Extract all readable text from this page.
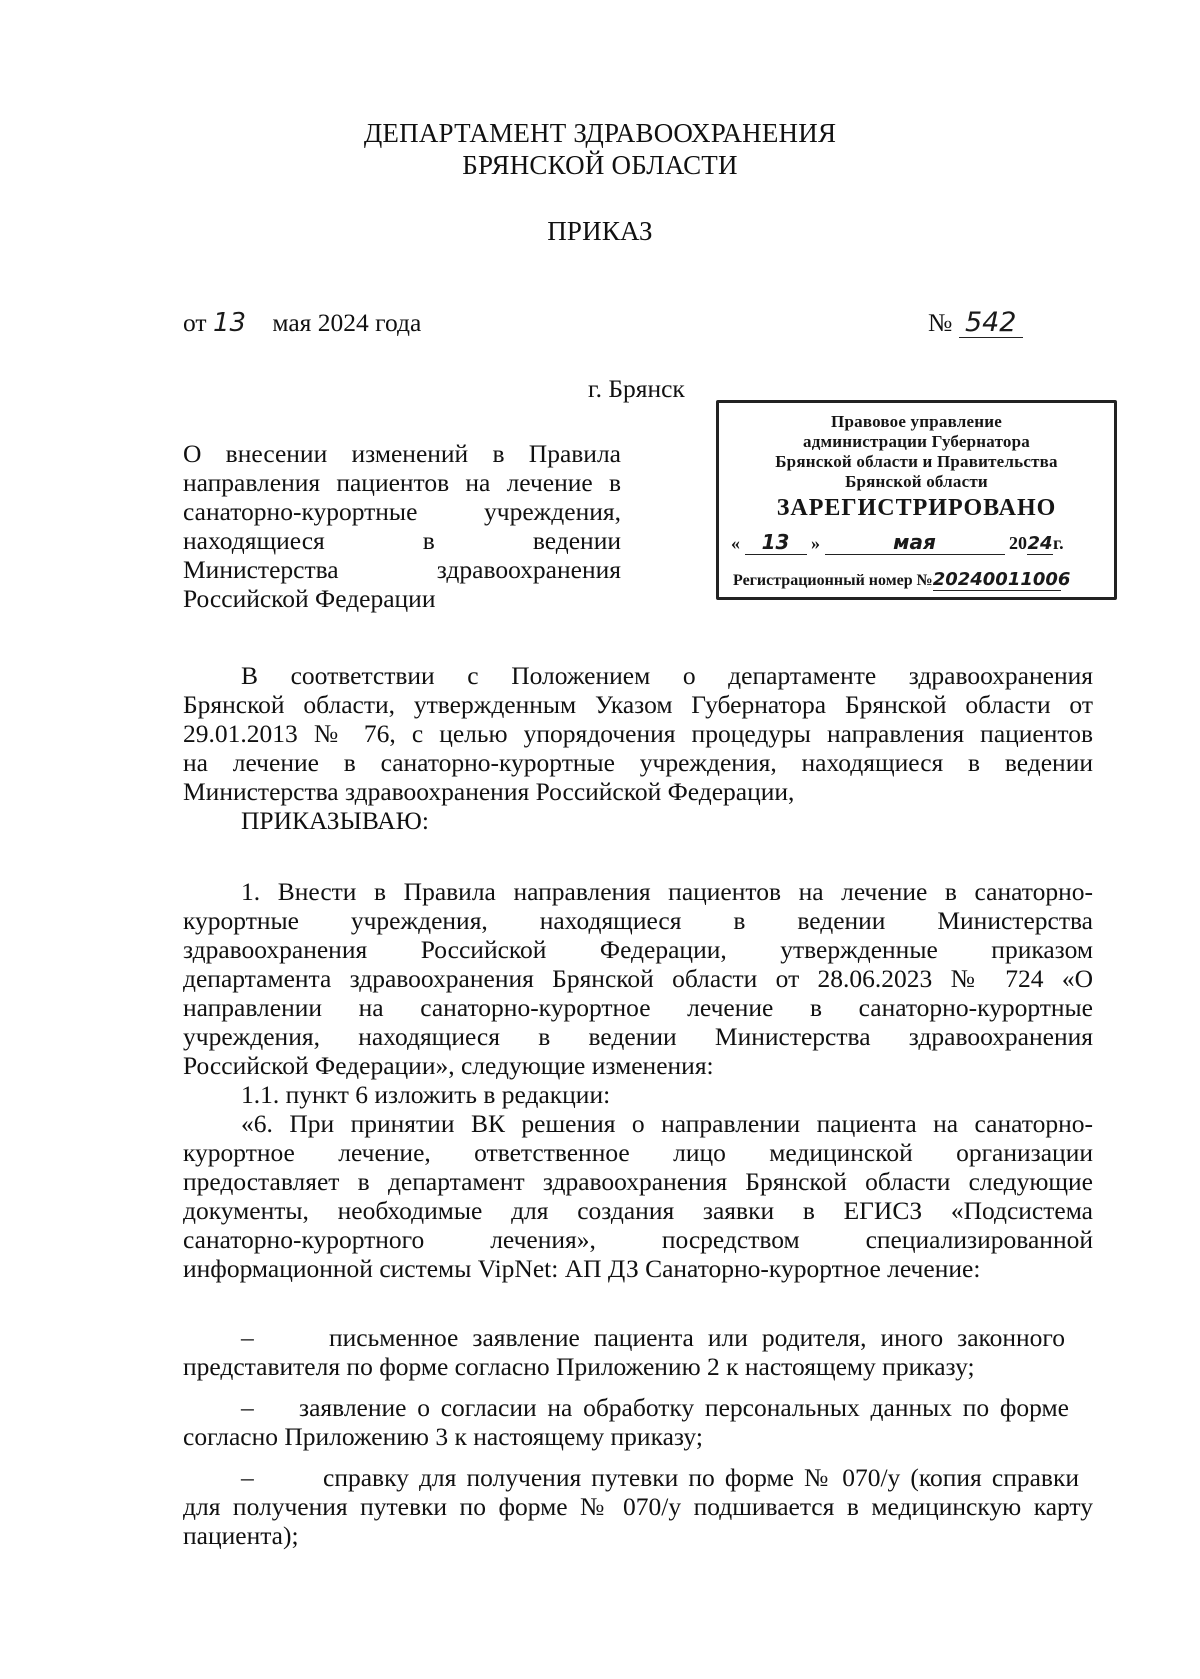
ДЕПАРТАМЕНТ ЗДРАВООХРАНЕНИЯ
БРЯНСКОЙ ОБЛАСТИ
ПРИКАЗ
от 13 мая 2024 года	№ 542
г. Брянск
О внесении изменений в Правила
направления пациентов на лечение в
санаторно-курортные учреждения,
находящиеся в ведении
Министерства здравоохранения
Российской Федерации
Правовое управление
администрации Губернатора
Брянской области и Правительства
Брянской области
ЗАРЕГИСТРИРОВАНО
« 13 »	мая	2024г.
Регистрационный номер №20240011006
В соответствии с Положением о департаменте здравоохранения
Брянской области, утвержденным Указом Губернатора Брянской области от
29.01.2013 № 76, с целью упорядочения процедуры направления пациентов
на лечение в санаторно-курортные учреждения, находящиеся в ведении
Министерства здравоохранения Российской Федерации,
ПРИКАЗЫВАЮ:
1. Внести в Правила направления пациентов на лечение в санаторно-
курортные учреждения, находящиеся в ведении Министерства
здравоохранения Российской Федерации, утвержденные приказом
департамента здравоохранения Брянской области от 28.06.2023 № 724 «О
направлении на санаторно-курортное лечение в санаторно-курортные
учреждения, находящиеся в ведении Министерства здравоохранения
Российской Федерации», следующие изменения:
1.1. пункт 6 изложить в редакции:
«6. При принятии ВК решения о направлении пациента на санаторно-
курортное лечение, ответственное лицо медицинской организации
предоставляет в департамент здравоохранения Брянской области следующие
документы, необходимые для создания заявки в ЕГИСЗ «Подсистема
санаторно-курортного лечения», посредством специализированной
информационной системы VipNet: АП ДЗ Санаторно-курортное лечение:
–	письменное заявление пациента или родителя, иного законного
представителя по форме согласно Приложению 2 к настоящему приказу;
– заявление о согласии на обработку персональных данных по форме
согласно Приложению 3 к настоящему приказу;
–	справку для получения путевки по форме № 070/у (копия справки
для получения путевки по форме № 070/у подшивается в медицинскую карту
пациента);
